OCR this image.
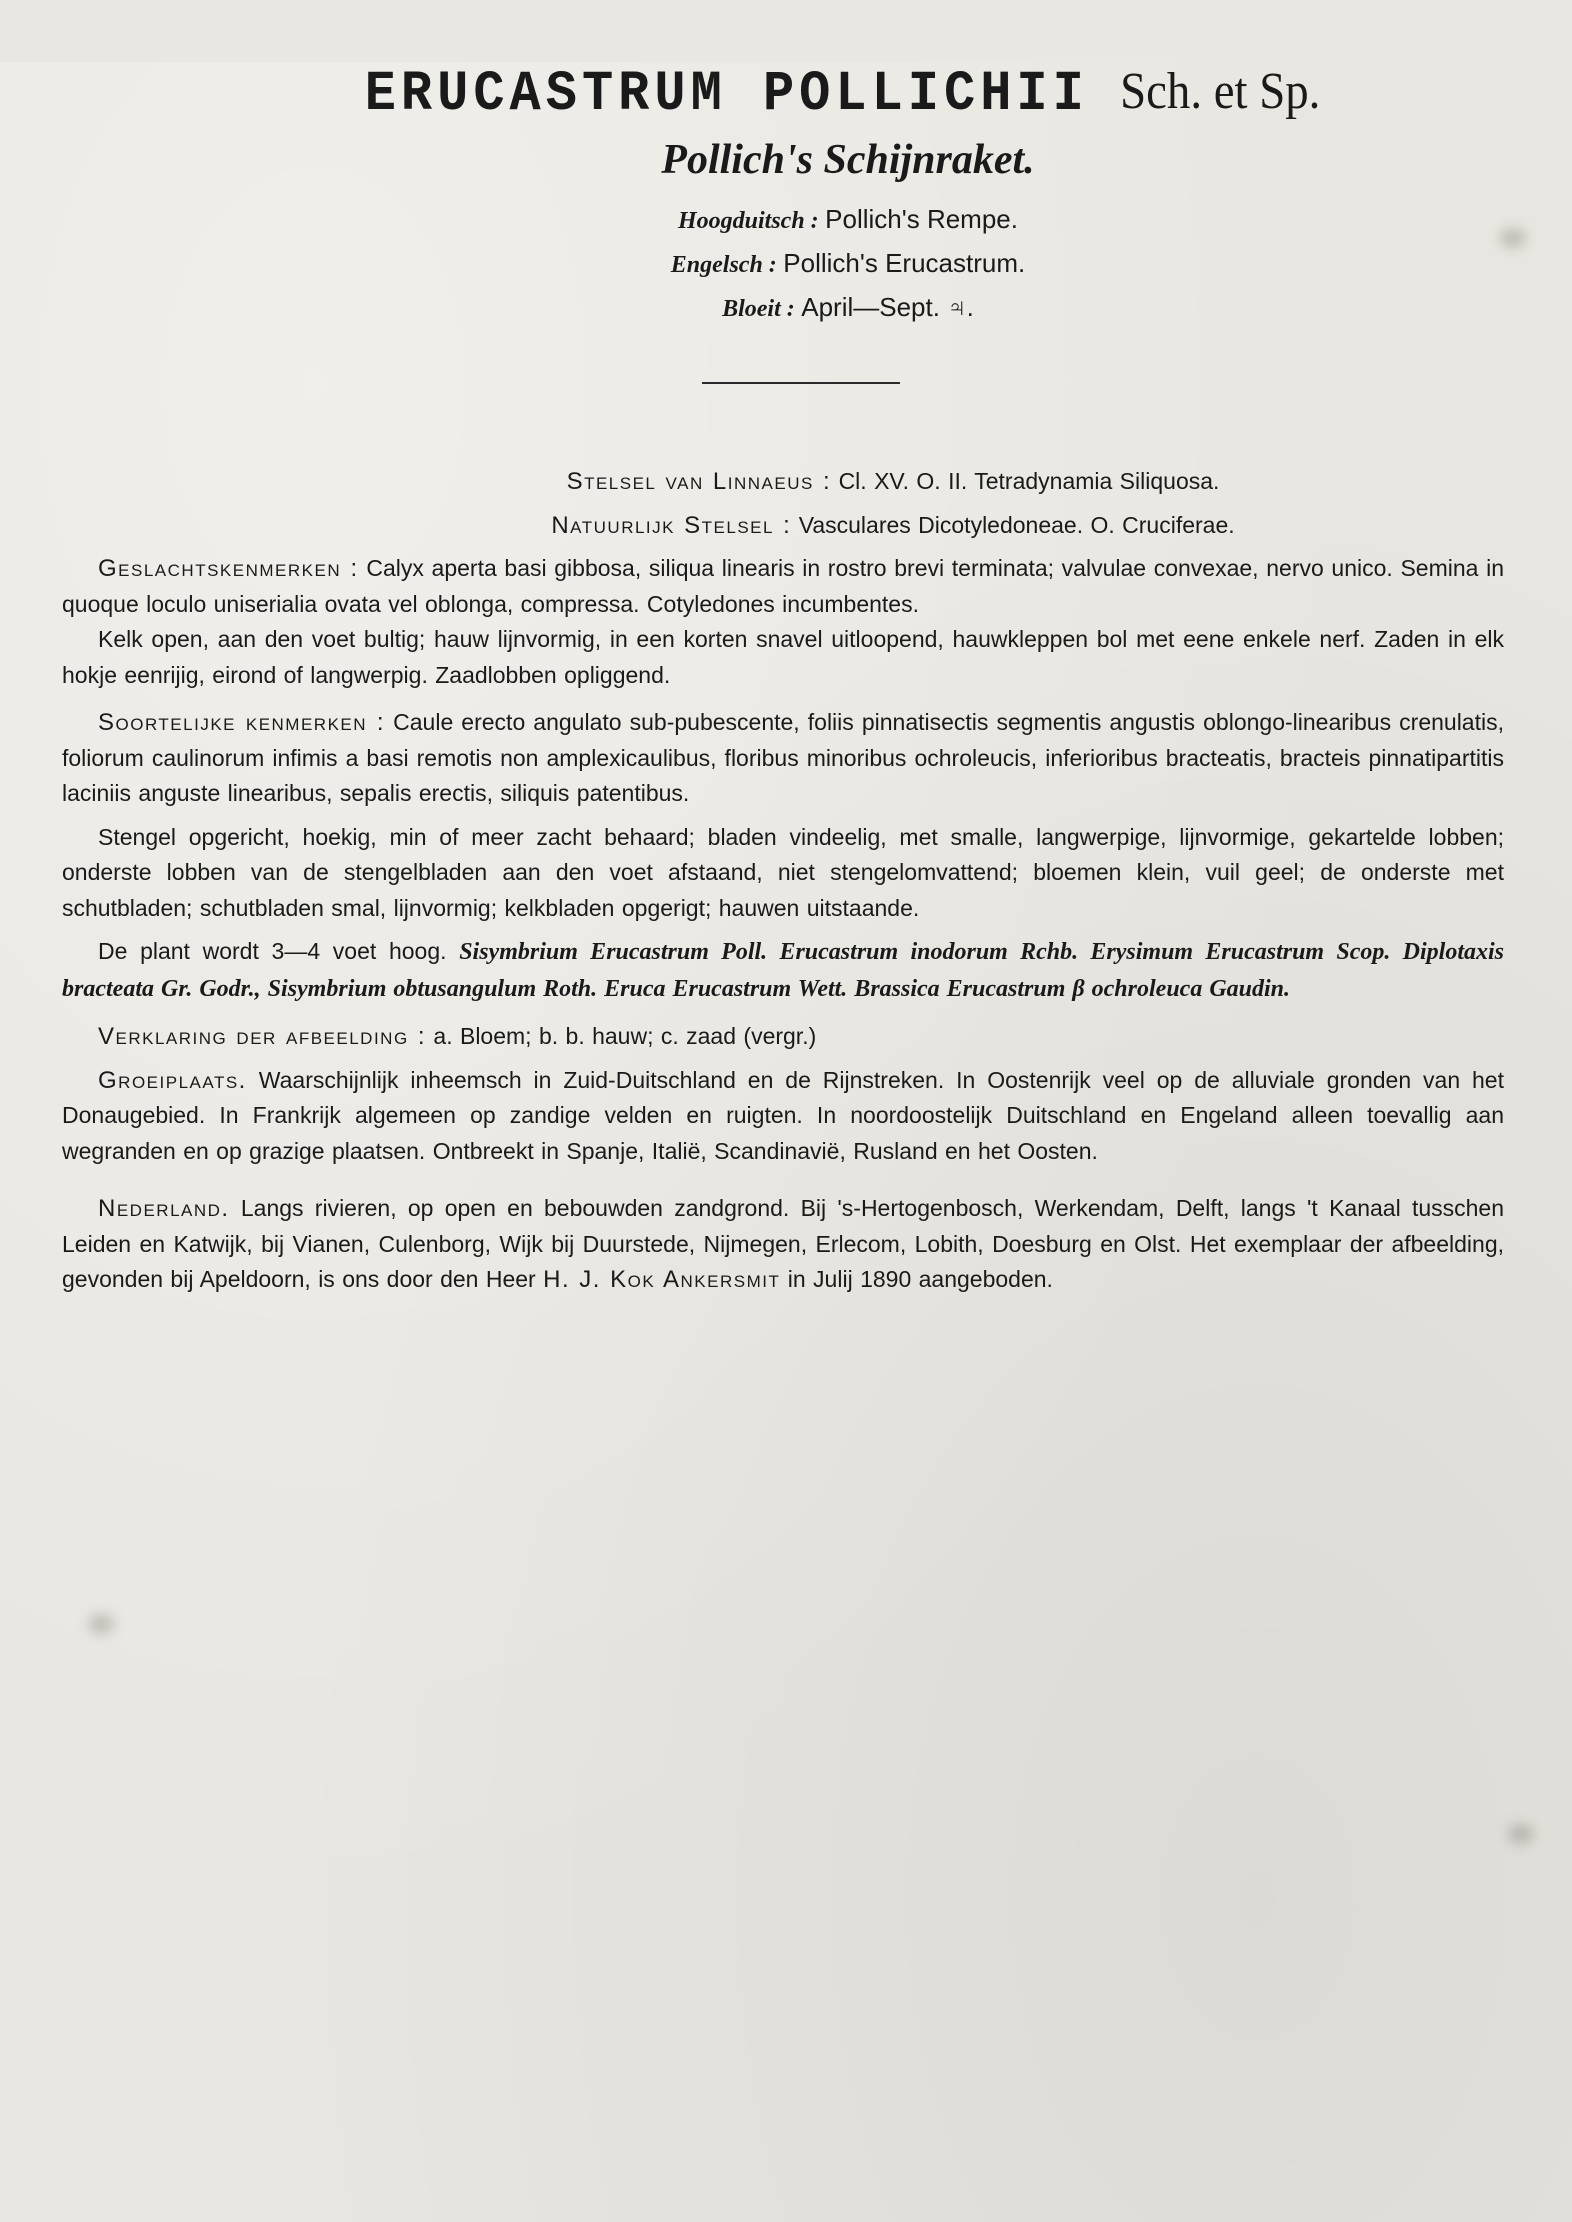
ERUCASTRUM POLLICHII Sch. et Sp.
Pollich's Schijnraket.
Hoogduitsch : Pollich's Rempe.
Engelsch : Pollich's Erucastrum.
Bloeit : April—Sept. ♃.
Stelsel van Linnaeus : Cl. XV. O. II. Tetradynamia Siliquosa.
Natuurlijk Stelsel : Vasculares Dicotyledoneae. O. Cruciferae.

Geslachtskenmerken : Calyx aperta basi gibbosa, siliqua linearis in rostro brevi terminata; valvulae convexae, nervo unico. Semina in quoque loculo uniserialia ovata vel oblonga, compressa. Cotyledones incumbentes.

Kelk open, aan den voet bultig; hauw lijnvormig, in een korten snavel uitloopend, hauwkleppen bol met eene enkele nerf. Zaden in elk hokje eenrijig, eirond of langwerpig. Zaadlobben opliggend.

Soortelijke kenmerken : Caule erecto angulato sub-pubescente, foliis pinnatisectis segmentis angustis oblongo-linearibus crenulatis, foliorum caulinorum infimis a basi remotis non amplexicaulibus, floribus minoribus ochroleucis, inferioribus bracteatis, bracteis pinnatipartitis laciniis anguste linearibus, sepalis erectis, siliquis patentibus.

Stengel opgericht, hoekig, min of meer zacht behaard; bladen vindeelig, met smalle, langwerpige, lijnvormige, gekartelde lobben; onderste lobben van de stengelbladen aan den voet afstaand, niet stengelomvattend; bloemen klein, vuil geel; de onderste met schutbladen; schutbladen smal, lijnvormig; kelkbladen opgerigt; hauwen uitstaande.

De plant wordt 3—4 voet hoog. Sisymbrium Erucastrum Poll. Erucastrum inodorum Rchb. Erysimum Erucastrum Scop. Diplotaxis bracteata Gr. Godr., Sisymbrium obtusangulum Roth. Eruca Erucastrum Wett. Brassica Erucastrum β ochroleuca Gaudin.

Verklaring der afbeelding : a. Bloem; b. b. hauw; c. zaad (vergr.)

Groeiplaats. Waarschijnlijk inheemsch in Zuid-Duitschland en de Rijnstreken. In Oostenrijk veel op de alluviale gronden van het Donaugebied. In Frankrijk algemeen op zandige velden en ruigten. In noordoostelijk Duitschland en Engeland alleen toevallig aan wegranden en op grazige plaatsen. Ontbreekt in Spanje, Italië, Scandinavië, Rusland en het Oosten.

Nederland. Langs rivieren, op open en bebouwden zandgrond. Bij 's-Hertogenbosch, Werkendam, Delft, langs 't Kanaal tusschen Leiden en Katwijk, bij Vianen, Culenborg, Wijk bij Duurstede, Nijmegen, Erlecom, Lobith, Doesburg en Olst. Het exemplaar der afbeelding, gevonden bij Apeldoorn, is ons door den Heer H. J. Kok Ankersmit in Julij 1890 aangeboden.
